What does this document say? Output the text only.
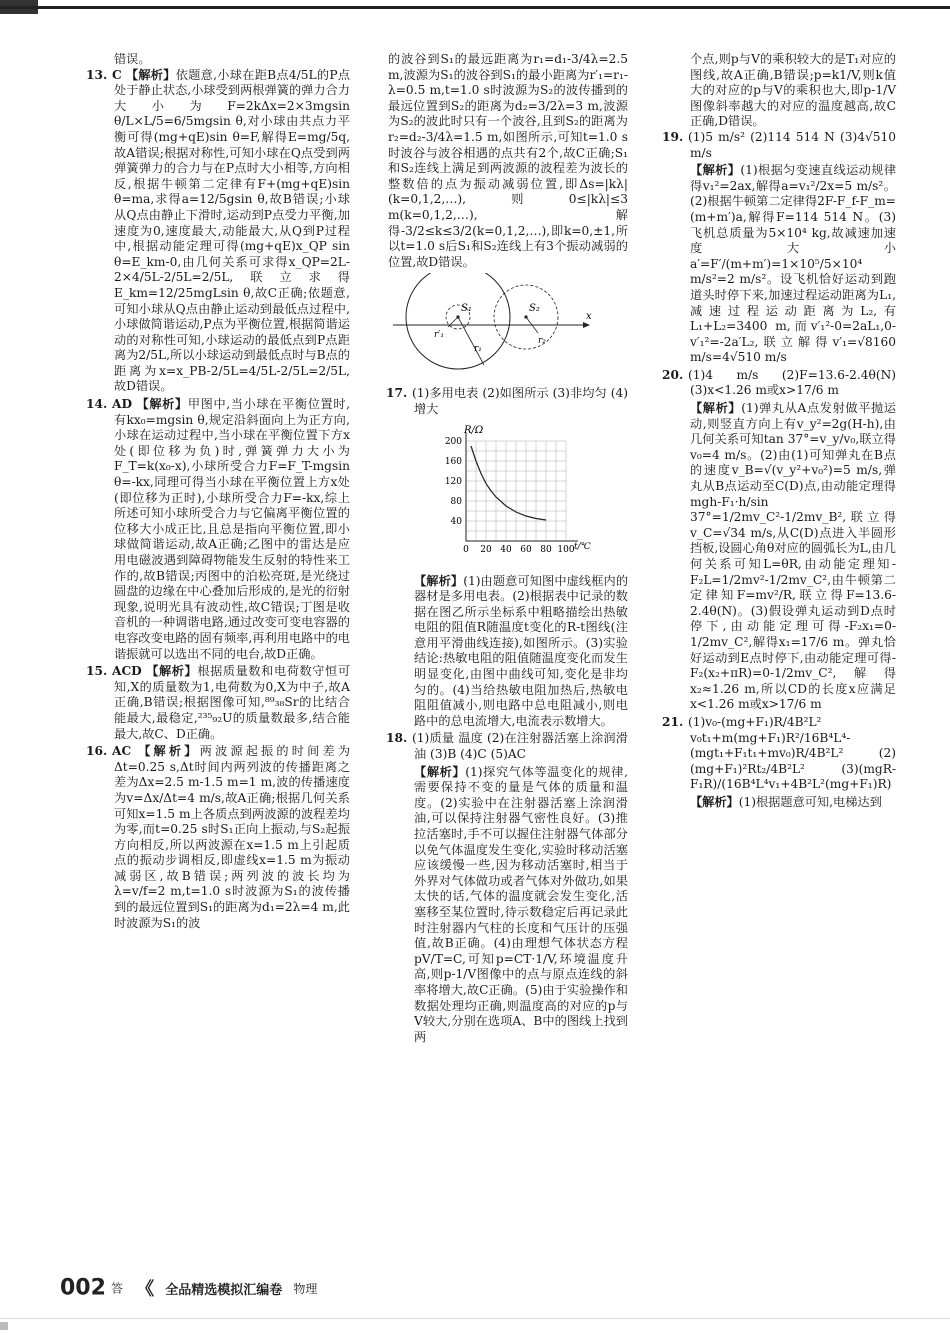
错误。

13. C 【解析】依题意,小球在距B点4/5L的P点处于静止状态,小球受到两根弹簧的弹力合力大小为F=2kΔx=2×3mgsin θ/L×L/5=6/5mgsin θ,对小球由共点力平衡可得(mg+qE)sin θ=F,解得E=mg/5q,故A错误;根据对称性,可知小球在Q点受到两弹簧弹力的合力与在P点时大小相等,方向相反,根据牛顿第二定律有F+(mg+qE)sin θ=ma,求得a=12/5gsin θ,故B错误;小球从Q点由静止下滑时,运动到P点受力平衡,加速度为0,速度最大,动能最大,从Q到P过程中,根据动能定理可得(mg+qE)x_QP sin θ=E_km-0,由几何关系可求得x_QP=2L-2×4/5L-2/5L=2/5L,联立求得E_km=12/25mgLsin θ,故C正确;依题意,可知小球从Q点由静止运动到最低点过程中,小球做简谐运动,P点为平衡位置,根据简谐运动的对称性可知,小球运动的最低点到P点距离为2/5L,所以小球运动到最低点时与B点的距离为x=x_PB-2/5L=4/5L-2/5L=2/5L,故D错误。
14. AD 【解析】甲图中,当小球在平衡位置时,有kx₀=mgsin θ,规定沿斜面向上为正方向,小球在运动过程中,当小球在平衡位置下方x处(即位移为负)时,弹簧弹力大小为F_T=k(x₀-x),小球所受合力F=F_T-mgsin θ=-kx,同理可得当小球在平衡位置上方x处(即位移为正时),小球所受合力F=-kx,综上所述可知小球所受合力与它偏离平衡位置的位移大小成正比,且总是指向平衡位置,即小球做简谐运动,故A正确;乙图中的雷达是应用电磁波遇到障碍物能发生反射的特性来工作的,故B错误;丙图中的泊松亮斑,是光绕过圆盘的边缘在中心叠加后形成的,是光的衍射现象,说明光具有波动性,故C错误;丁图是收音机的一种调谐电路,通过改变可变电容器的电容改变电路的固有频率,再利用电路中的电谐振就可以选出不同的电台,故D正确。
15. ACD 【解析】根据质量数和电荷数守恒可知,X的质量数为1,电荷数为0,X为中子,故A正确,B错误;根据图像可知,⁸⁹₃₈Sr的比结合能最大,最稳定,²³⁵₉₂U的质量数最多,结合能最大,故C、D正确。
16. AC 【解析】两波源起振的时间差为Δt=0.25 s,Δt时间内两列波的传播距离之差为Δx=2.5 m-1.5 m=1 m,波的传播速度为v=Δx/Δt=4 m/s,故A正确;根据几何关系可知x=1.5 m上各质点到两波源的波程差均为零,而t=0.25 s时S₁正向上振动,与S₂起振方向相反,所以两波源在x=1.5 m上引起质点的振动步调相反,即虚线x=1.5 m为振动减弱区,故B错误;两列波的波长均为λ=v/f=2 m,t=1.0 s时波源为S₁的波传播到的最远位置到S₁的距离为d₁=2λ=4 m,此时波源为S₁的波

的波谷到S₁的最远距离为r₁=d₁-3/4λ=2.5 m,波源为S₁的波谷到S₁的最小距离为r′₁=r₁-λ=0.5 m,t=1.0 s时波源为S₂的波传播到的最远位置到S₂的距离为d₂=3/2λ=3 m,波源为S₂的波此时只有一个波谷,且到S₂的距离为r₂=d₂-3/4λ=1.5 m,如图所示,可知t=1.0 s时波谷与波谷相遇的点共有2个,故C正确;S₁和S₂连线上满足到两波源的波程差为波长的整数倍的点为振动减弱位置,即Δs=|kλ|(k=0,1,2,…),则0≤|kλ|≤3 m(k=0,1,2,…),解得-3/2≤k≤3/2(k=0,1,2,…),即k=0,±1,所以t=1.0 s后S₁和S₂连线上有3个振动减弱的位置,故D错误。

S₁	S₂
r′₁
r₁
r₂
x
17. (1)多用电表 (2)如图所示 (3)非均匀 (4)增大
0 20 40 60 80 100
40
80
120
160
200
R/Ω
t/℃
【解析】(1)由题意可知图中虚线框内的器材是多用电表。(2)根据表中记录的数据在图乙所示坐标系中粗略描绘出热敏电阻的阻值R随温度t变化的R-t图线(注意用平滑曲线连接),如图所示。(3)实验结论:热敏电阻的阻值随温度变化而发生明显变化,由图中曲线可知,变化是非均匀的。(4)当给热敏电阻加热后,热敏电阻阻值减小,则电路中总电阻减小,则电路中的总电流增大,电流表示数增大。
18. (1)质量 温度 (2)在注射器活塞上涂润滑油 (3)B (4)C (5)AC
【解析】(1)探究气体等温变化的规律,需要保持不变的量是气体的质量和温度。(2)实验中在注射器活塞上涂润滑油,可以保持注射器气密性良好。(3)推拉活塞时,手不可以握住注射器气体部分以免气体温度发生变化,实验时移动活塞应该缓慢一些,因为移动活塞时,相当于外界对气体做功或者气体对外做功,如果太快的话,气体的温度就会发生变化,活塞移至某位置时,待示数稳定后再记录此时注射器内气柱的长度和气压计的压强值,故B正确。(4)由理想气体状态方程pV/T=C,可知p=CT·1/V,环境温度升高,则p-1/V图像中的点与原点连线的斜率将增大,故C正确。(5)由于实验操作和数据处理均正确,则温度高的对应的p与V较大,分别在选项A、B中的图线上找到两

个点,则p与V的乘积较大的是T₁对应的图线,故A正确,B错误;p=k1/V,则k值大的对应的p与V的乘积也大,即p-1/V图像斜率越大的对应的温度越高,故C正确,D错误。

19. (1)5 m/s² (2)114 514 N (3)4√510 m/s
【解析】(1)根据匀变速直线运动规律得v₁²=2ax,解得a=v₁²/2x=5 m/s²。(2)根据牛顿第二定律得2F-F_f-F_m=(m+m′)a,解得F=114 514 N。(3)飞机总质量为5×10⁴ kg,故减速加速度大小a′=F′/(m+m′)=1×10⁵/5×10⁴ m/s²=2 m/s²。设飞机恰好运动到跑道头时停下来,加速过程运动距离为L₁,减速过程运动距离为L₂,有L₁+L₂=3400 m,而v′₁²-0=2aL₁,0-v′₁²=-2a′L₂,联立解得v′₁=√8160 m/s=4√510 m/s
20. (1)4 m/s (2)F=13.6-2.4θ(N) (3)x<1.26 m或x>17/6 m
【解析】(1)弹丸从A点发射做平抛运动,则竖直方向上有v_y²=2g(H-h),由几何关系可知tan 37°=v_y/v₀,联立得v₀=4 m/s。(2)由(1)可知弹丸在B点的速度v_B=√(v_y²+v₀²)=5 m/s,弹丸从B点运动至C(D)点,由动能定理得mgh-F₁·h/sin 37°=1/2mv_C²-1/2mv_B²,联立得v_C=√34 m/s,从C(D)点进入半圆形挡板,设圆心角θ对应的圆弧长为L,由几何关系可知L=θR,由动能定理知-F₂L=1/2mv²-1/2mv_C²,由牛顿第二定律知F=mv²/R,联立得F=13.6-2.4θ(N)。(3)假设弹丸运动到D点时停下,由动能定理可得-F₂x₁=0-1/2mv_C²,解得x₁=17/6 m。弹丸恰好运动到E点时停下,由动能定理可得-F₂(x₂+πR)=0-1/2mv_C²,解得x₂≈1.26 m,所以CD的长度x应满足x<1.26 m或x>17/6 m
21. (1)v₀-(mg+F₁)R/4B²L² v₀t₁+m(mg+F₁)R²/16B⁴L⁴-(mgt₁+F₁t₁+mv₀)R/4B²L² (2)(mg+F₁)²Rt₂/4B²L² (3)(mgR-F₁R)/(16B⁴L⁴v₁+4B²L²(mg+F₁)R)
【解析】(1)根据题意可知,电梯达到
002 答 《 全品精选模拟汇编卷 物理
